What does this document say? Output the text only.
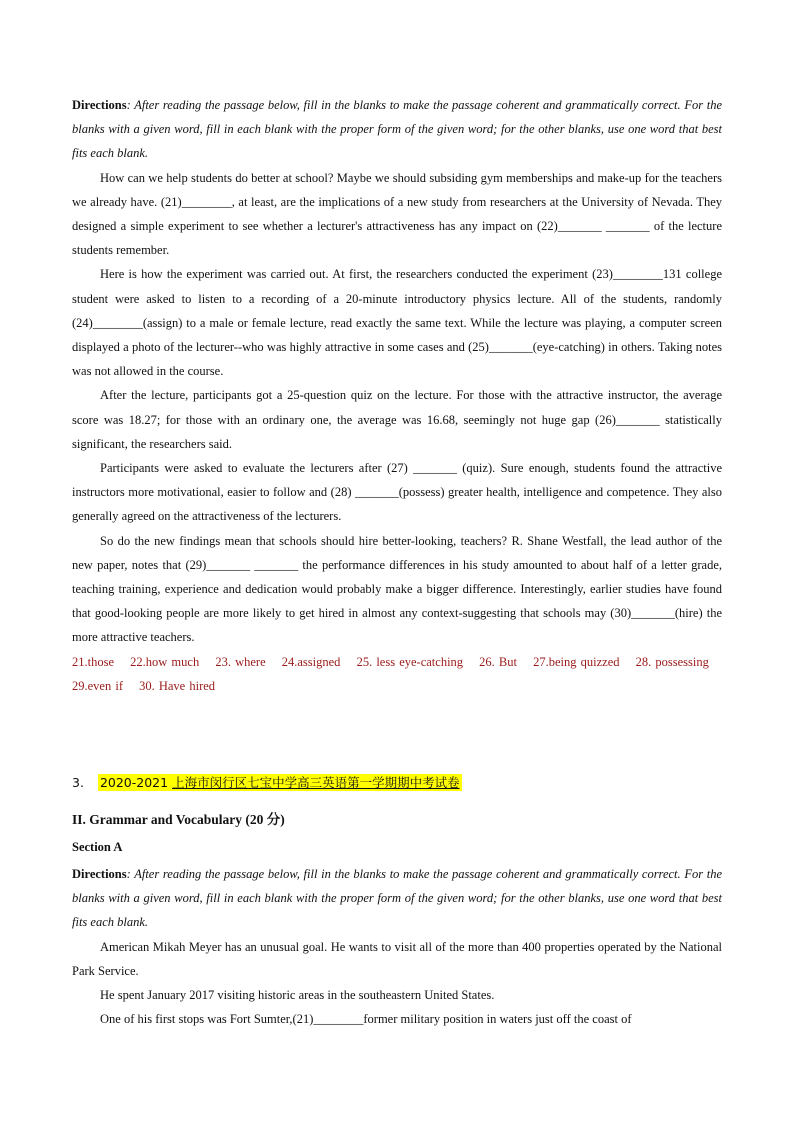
Directions: After reading the passage below, fill in the blanks to make the passage coherent and grammatically correct. For the blanks with a given word, fill in each blank with the proper form of the given word; for the other blanks, use one word that best fits each blank.

How can we help students do better at school? Maybe we should subsiding gym memberships and make-up for the teachers we already have. (21)________, at least, are the implications of a new study from researchers at the University of Nevada. They designed a simple experiment to see whether a lecturer's attractiveness has any impact on (22)_______ _______ of the lecture students remember.

Here is how the experiment was carried out. At first, the researchers conducted the experiment (23)________131 college student were asked to listen to a recording of a 20-minute introductory physics lecture. All of the students, randomly (24)________(assign) to a male or female lecture, read exactly the same text. While the lecture was playing, a computer screen displayed a photo of the lecturer--who was highly attractive in some cases and (25)_______(eye-catching) in others. Taking notes was not allowed in the course.

After the lecture, participants got a 25-question quiz on the lecture. For those with the attractive instructor, the average score was 18.27; for those with an ordinary one, the average was 16.68, seemingly not huge gap (26)_______ statistically significant, the researchers said.

Participants were asked to evaluate the lecturers after (27) _______ (quiz). Sure enough, students found the attractive instructors more motivational, easier to follow and (28) _______(possess) greater health, intelligence and competence. They also generally agreed on the attractiveness of the lecturers.

So do the new findings mean that schools should hire better-looking, teachers? R. Shane Westfall, the lead author of the new paper, notes that (29)_______ _______ the performance differences in his study amounted to about half of a letter grade, teaching training, experience and dedication would probably make a bigger difference. Interestingly, earlier studies have found that good-looking people are more likely to get hired in almost any context-suggesting that schools may (30)_______(hire) the more attractive teachers.

21.those 22.how much 23. where 24.assigned 25. less eye-catching 26. But 27.being quizzed 28. possessing 29.even if 30. Have hired

3. 2020-2021 上海市闵行区七宝中学高三英语第一学期期中考试卷

II. Grammar and Vocabulary (20 分)

Section A

Directions: After reading the passage below, fill in the blanks to make the passage coherent and grammatically correct. For the blanks with a given word, fill in each blank with the proper form of the given word; for the other blanks, use one word that best fits each blank.

American Mikah Meyer has an unusual goal. He wants to visit all of the more than 400 properties operated by the National Park Service.

He spent January 2017 visiting historic areas in the southeastern United States.

One of his first stops was Fort Sumter,(21)________former military position in waters just off the coast of
